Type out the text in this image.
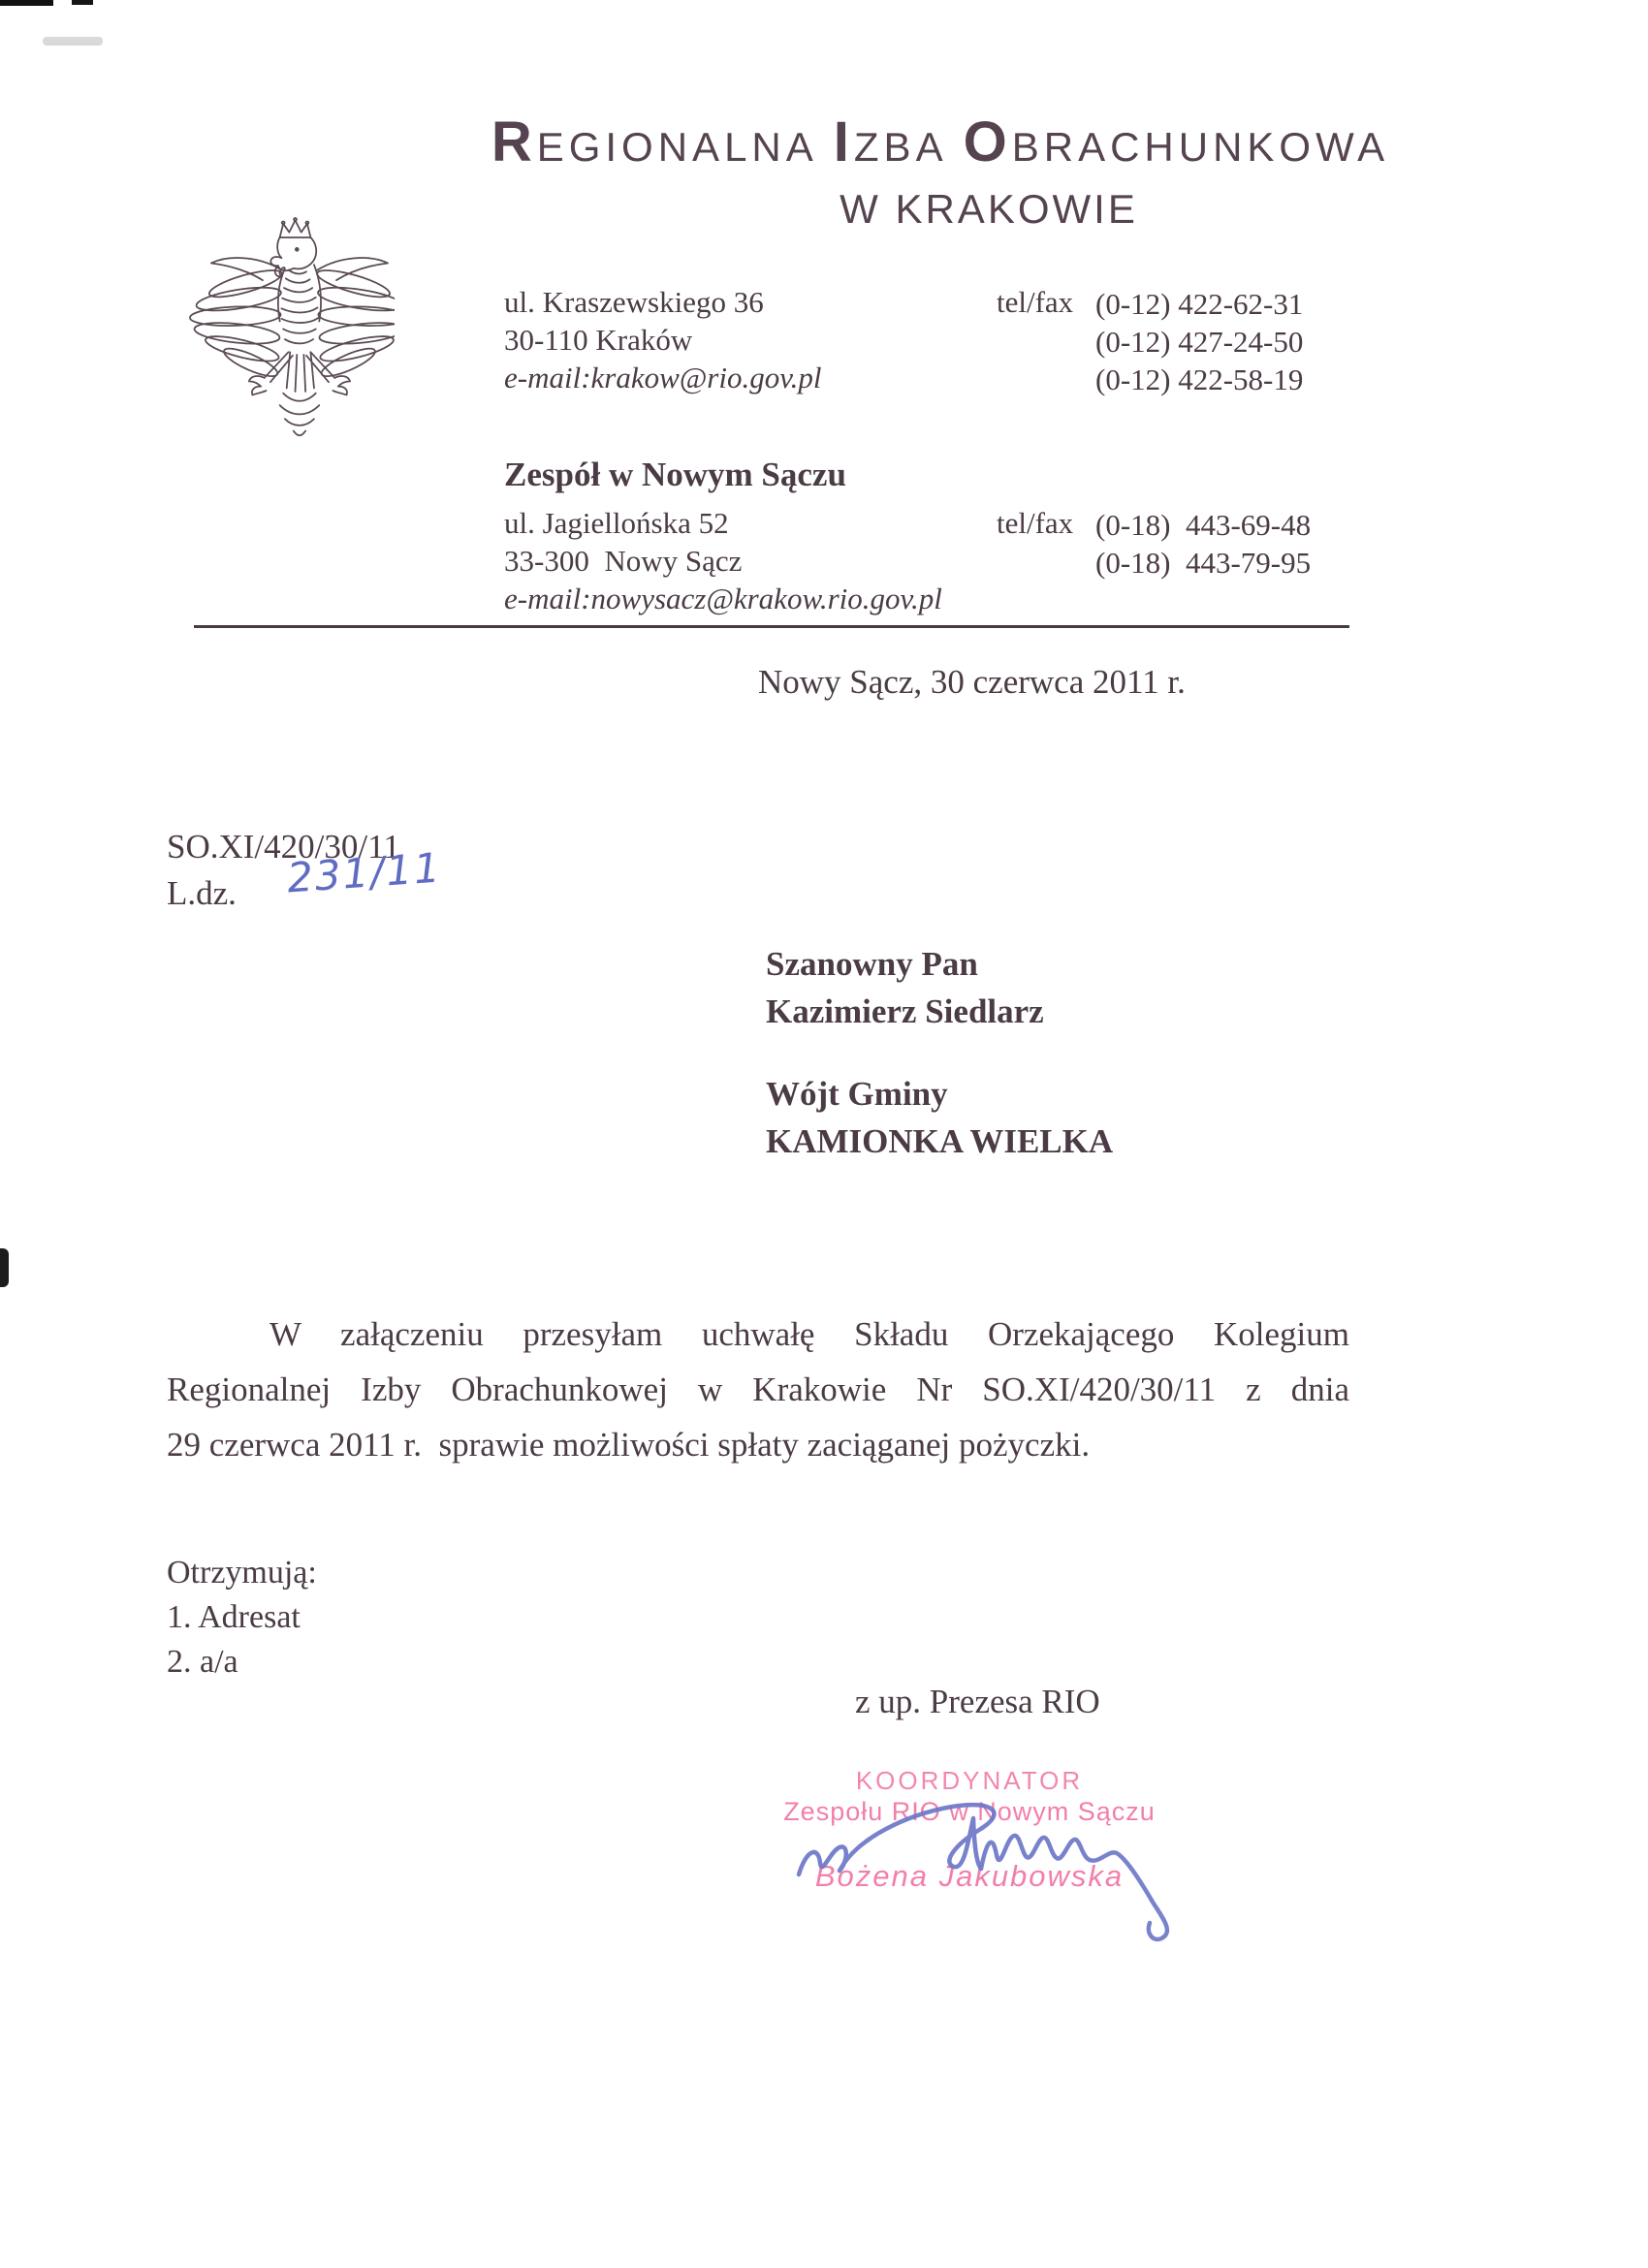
REGIONALNA IZBA OBRACHUNKOWA
W KRAKOWIE
ul. Kraszewskiego 36
30-110 Kraków
e-mail:krakow@rio.gov.pl
tel/fax (0-12) 422-62-31
(0-12) 427-24-50
(0-12) 422-58-19
Zespół w Nowym Sączu
ul. Jagiellońska 52
33-300  Nowy Sącz
e-mail:nowysacz@krakow.rio.gov.pl
tel/fax (0-18)  443-69-48
(0-18)  443-79-95
Nowy Sącz, 30 czerwca 2011 r.
SO.XI/420/30/11
L.dz.	231/11
Szanowny Pan
Kazimierz Siedlarz
Wójt Gminy
KAMIONKA WIELKA
W załączeniu przesyłam uchwałę Składu Orzekającego Kolegium
Regionalnej Izby Obrachunkowej w Krakowie Nr SO.XI/420/30/11 z dnia
29 czerwca 2011 r.  sprawie możliwości spłaty zaciąganej pożyczki.
Otrzymują:
1. Adresat
2. a/a
z up. Prezesa RIO
KOORDYNATOR
Zespołu RIO w Nowym Sączu
Bożena Jakubowska
